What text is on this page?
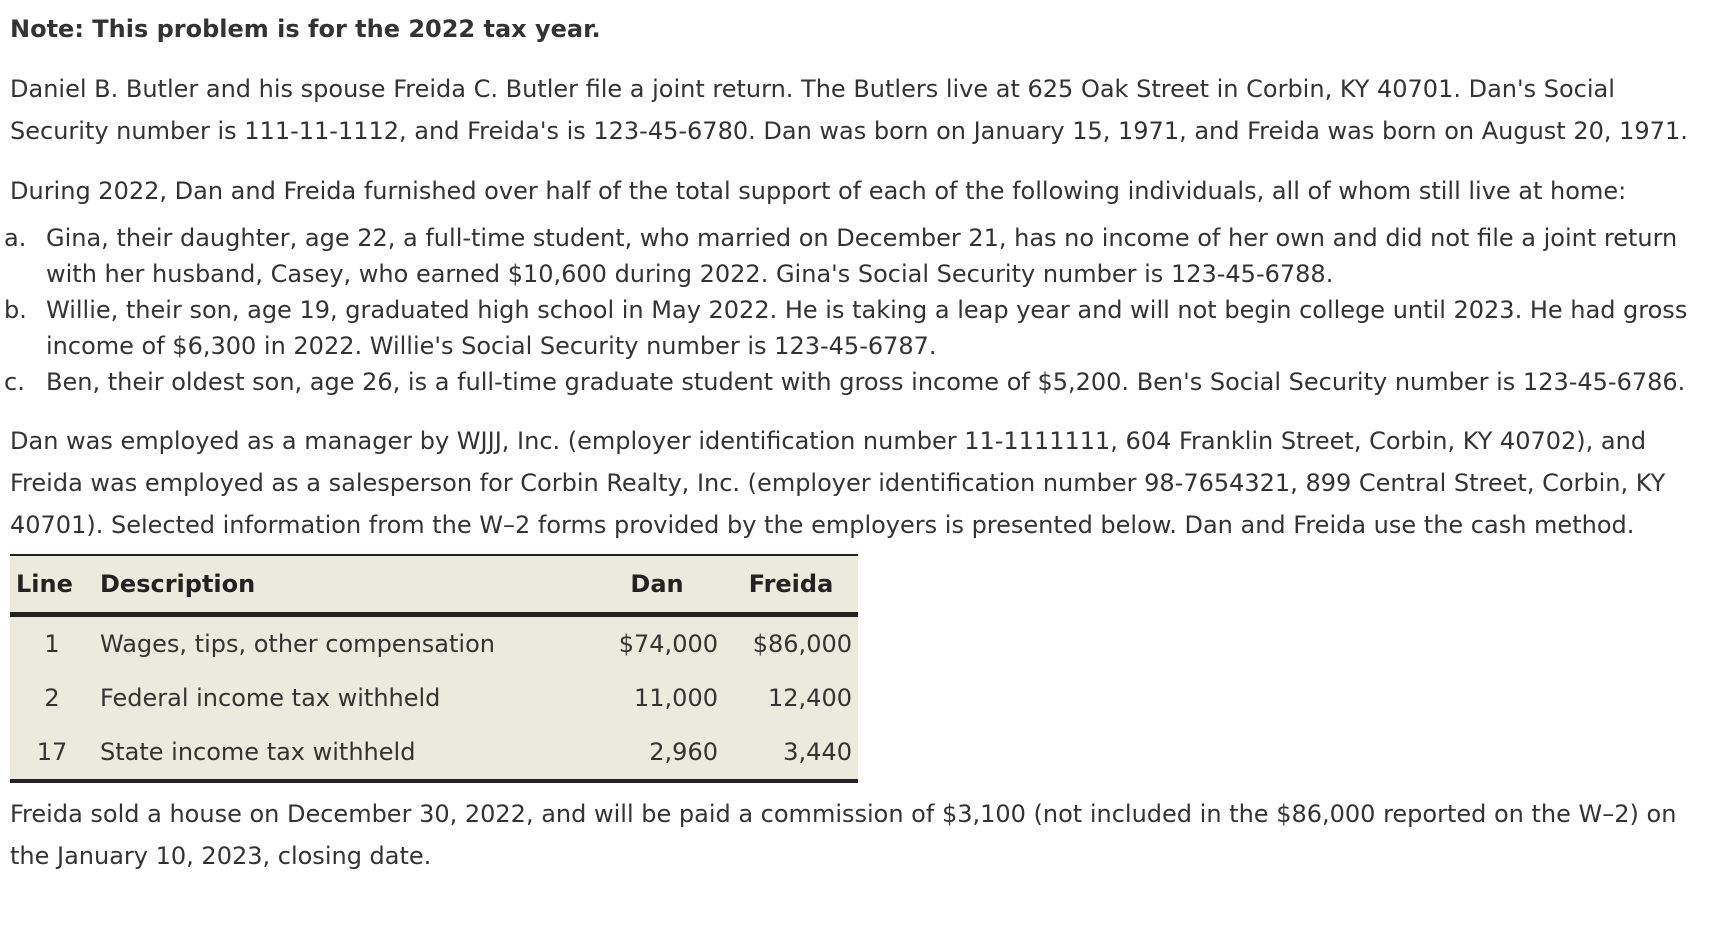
Note: This problem is for the 2022 tax year.
Daniel B. Butler and his spouse Freida C. Butler file a joint return. The Butlers live at 625 Oak Street in Corbin, KY 40701. Dan's Social Security number is 111-11-1112, and Freida's is 123-45-6780. Dan was born on January 15, 1971, and Freida was born on August 20, 1971.
During 2022, Dan and Freida furnished over half of the total support of each of the following individuals, all of whom still live at home:
a. Gina, their daughter, age 22, a full-time student, who married on December 21, has no income of her own and did not file a joint return with her husband, Casey, who earned $10,600 during 2022. Gina's Social Security number is 123-45-6788.
b. Willie, their son, age 19, graduated high school in May 2022. He is taking a leap year and will not begin college until 2023. He had gross income of $6,300 in 2022. Willie's Social Security number is 123-45-6787.
c. Ben, their oldest son, age 26, is a full-time graduate student with gross income of $5,200. Ben's Social Security number is 123-45-6786.
Dan was employed as a manager by WJJJ, Inc. (employer identification number 11-1111111, 604 Franklin Street, Corbin, KY 40702), and Freida was employed as a salesperson for Corbin Realty, Inc. (employer identification number 98-7654321, 899 Central Street, Corbin, KY 40701). Selected information from the W–2 forms provided by the employers is presented below. Dan and Freida use the cash method.
Line	Description	Dan	Freida
1	Wages, tips, other compensation	$74,000	$86,000
2	Federal income tax withheld	11,000	12,400
17	State income tax withheld	2,960	3,440
Freida sold a house on December 30, 2022, and will be paid a commission of $3,100 (not included in the $86,000 reported on the W–2) on the January 10, 2023, closing date.
